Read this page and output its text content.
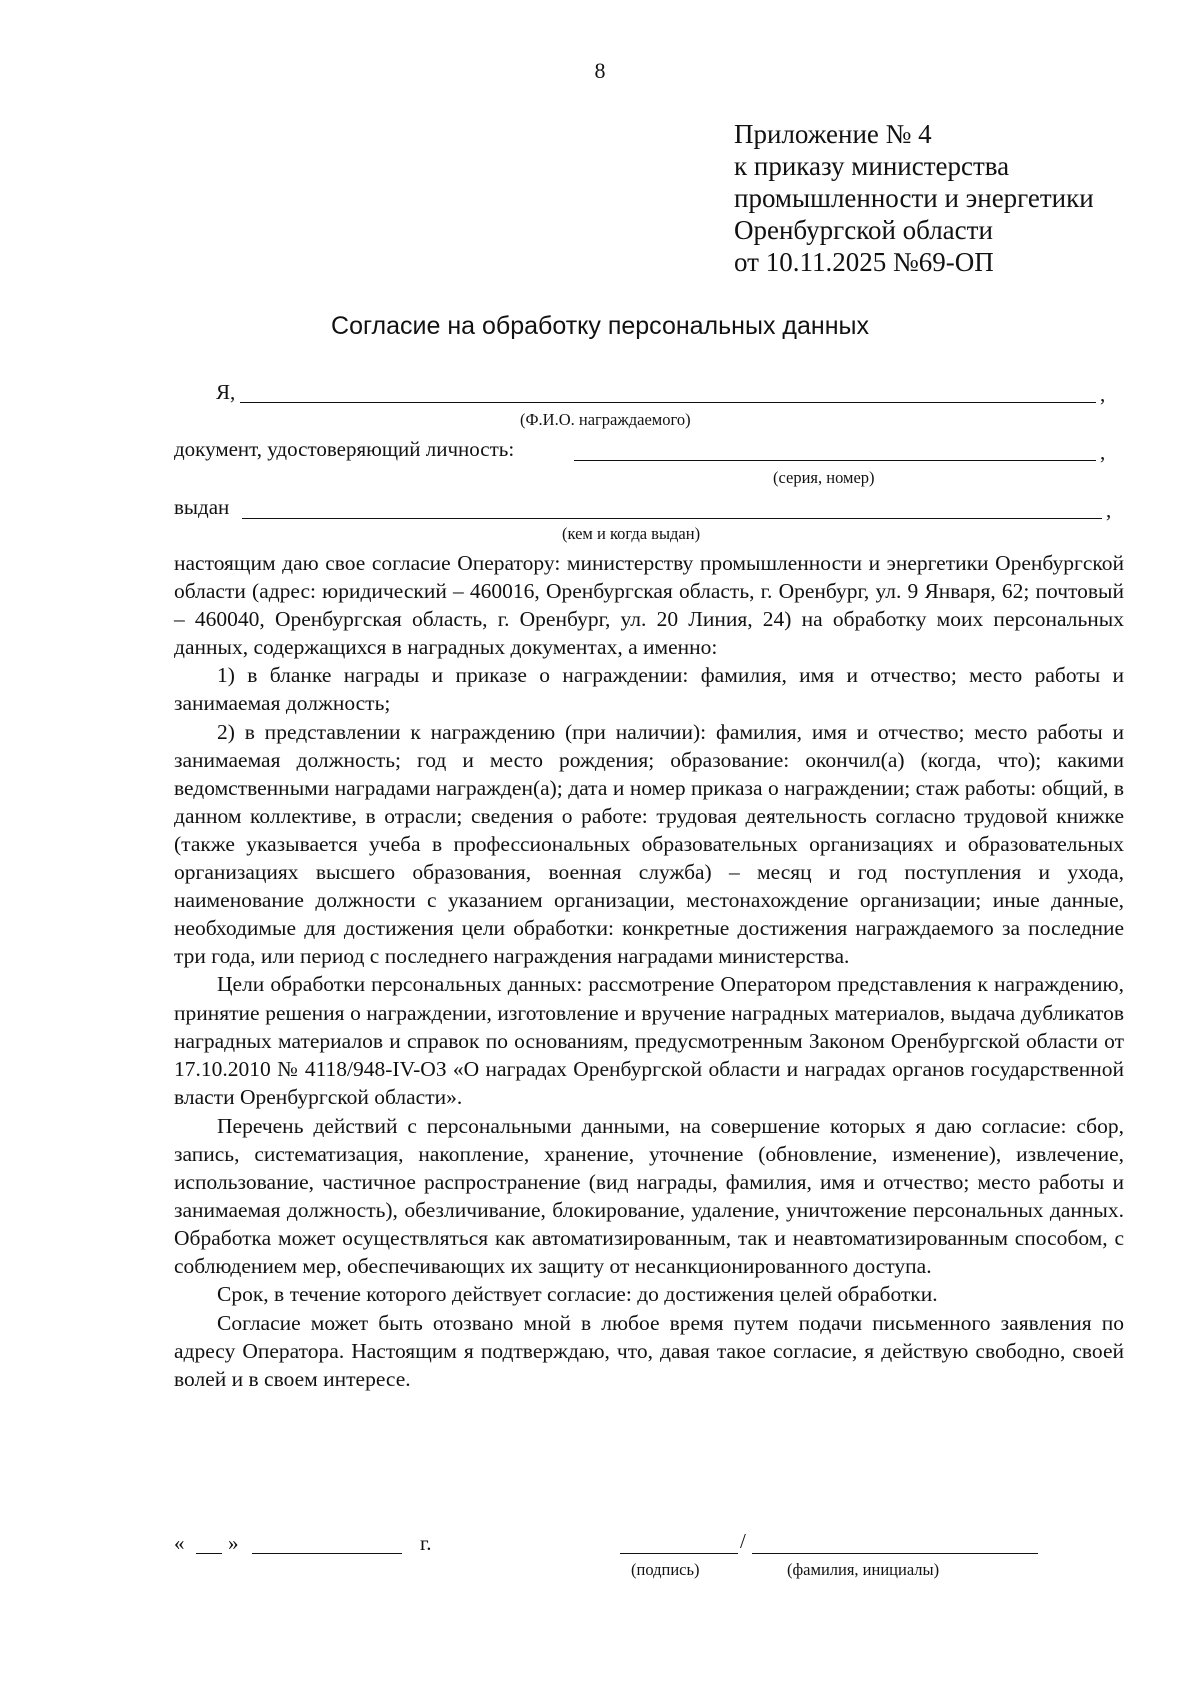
8
Приложение № 4
к приказу министерства
промышленности и энергетики
Оренбургской области
от 10.11.2025 №69-ОП
Согласие на обработку персональных данных
Я,	,
(Ф.И.О. награждаемого)
документ, удостоверяющий личность:	,
(серия, номер)
выдан	,
(кем и когда выдан)

настоящим даю свое согласие Оператору: министерству промышленности и энергетики Оренбургской области (адрес: юридический – 460016, Оренбургская область, г. Оренбург, ул. 9 Января, 62; почтовый – 460040, Оренбургская область, г. Оренбург, ул. 20 Линия, 24) на обработку моих персональных данных, содержащихся в наградных документах, а именно:

1) в бланке награды и приказе о награждении: фамилия, имя и отчество; место работы и занимаемая должность;

2) в представлении к награждению (при наличии): фамилия, имя и отчество; место работы и занимаемая должность; год и место рождения; образование: окончил(а) (когда, что); какими ведомственными наградами награжден(а); дата и номер приказа о награждении; стаж работы: общий, в данном коллективе, в отрасли; сведения о работе: трудовая деятельность согласно трудовой книжке (также указывается учеба в профессиональных образовательных организациях и образовательных организациях высшего образования, военная служба) – месяц и год поступления и ухода, наименование должности с указанием организации, местонахождение организации; иные данные, необходимые для достижения цели обработки: конкретные достижения награждаемого за последние три года, или период с последнего награждения наградами министерства.

Цели обработки персональных данных: рассмотрение Оператором представления к награждению, принятие решения о награждении, изготовление и вручение наградных материалов, выдача дубликатов наградных материалов и справок по основаниям, предусмотренным Законом Оренбургской области от 17.10.2010 № 4118/948-IV-ОЗ «О наградах Оренбургской области и наградах органов государственной власти Оренбургской области».

Перечень действий с персональными данными, на совершение которых я даю согласие: сбор, запись, систематизация, накопление, хранение, уточнение (обновление, изменение), извлечение, использование, частичное распространение (вид награды, фамилия, имя и отчество; место работы и занимаемая должность), обезличивание, блокирование, удаление, уничтожение персональных данных. Обработка может осуществляться как автоматизированным, так и неавтоматизированным способом, с соблюдением мер, обеспечивающих их защиту от несанкционированного доступа.

Срок, в течение которого действует согласие: до достижения целей обработки.

Согласие может быть отозвано мной в любое время путем подачи письменного заявления по адресу Оператора. Настоящим я подтверждаю, что, давая такое согласие, я действую свободно, своей волей и в своем интересе.

« »	г.	/
(подпись)	(фамилия, инициалы)
